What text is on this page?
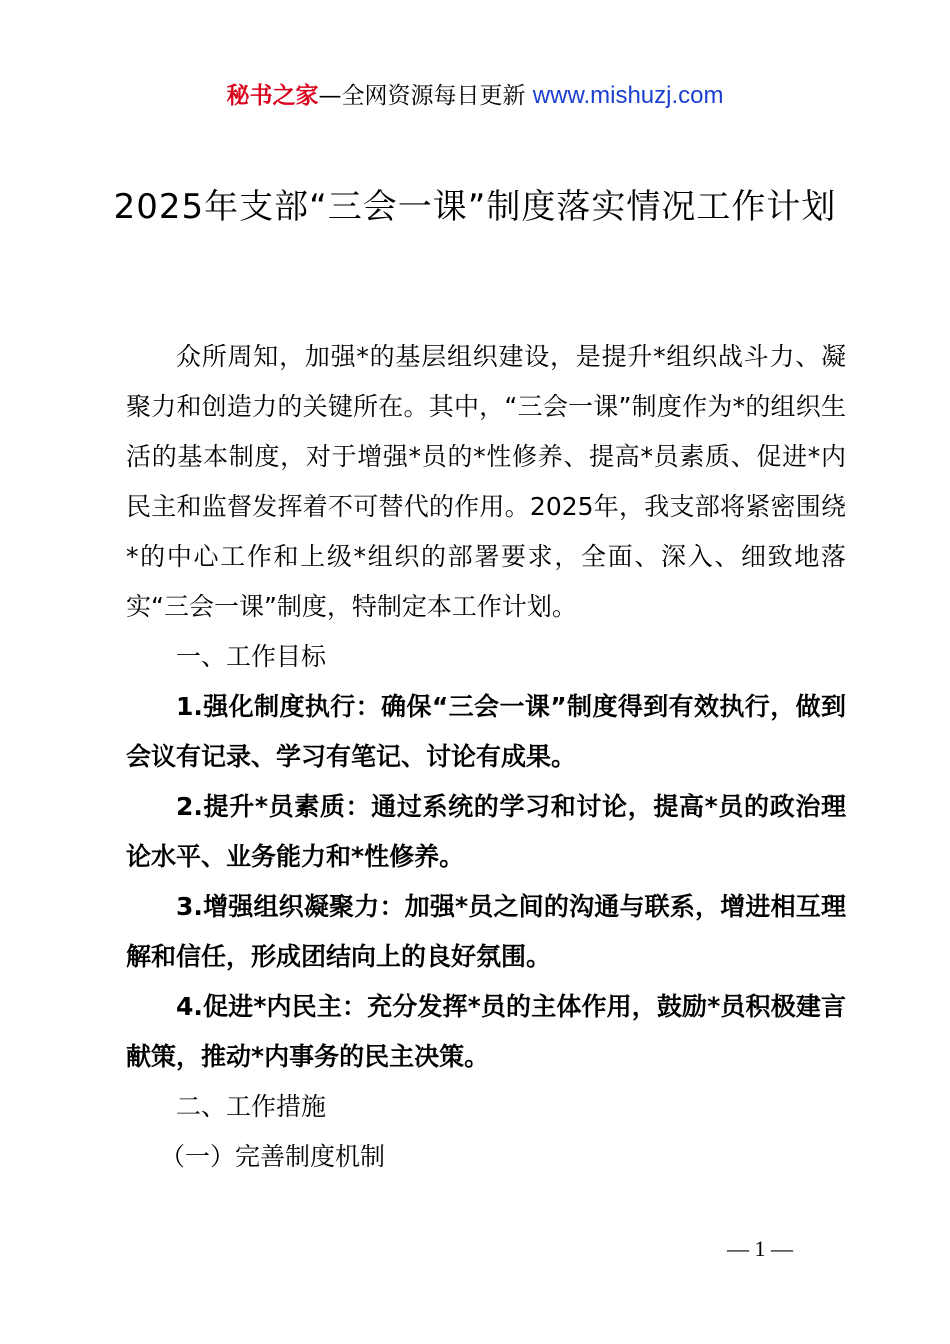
秘书之家—全网资源每日更新 www.mishuzj.com
2025年支部“三会一课”制度落实情况工作计划

众所周知，加强*的基层组织建设，是提升*组织战斗力、凝聚力和创造力的关键所在。其中，“三会一课”制度作为*的组织生活的基本制度，对于增强*员的*性修养、提高*员素质、促进*内民主和监督发挥着不可替代的作用。2025年，我支部将紧密围绕*的中心工作和上级*组织的部署要求，全面、深入、细致地落实“三会一课”制度，特制定本工作计划。

一、工作目标

1.强化制度执行：确保“三会一课”制度得到有效执行，做到会议有记录、学习有笔记、讨论有成果。

2.提升*员素质：通过系统的学习和讨论，提高*员的政治理论水平、业务能力和*性修养。

3.增强组织凝聚力：加强*员之间的沟通与联系，增进相互理解和信任，形成团结向上的良好氛围。

4.促进*内民主：充分发挥*员的主体作用，鼓励*员积极建言献策，推动*内事务的民主决策。

二、工作措施

（一）完善制度机制

— 1 —
